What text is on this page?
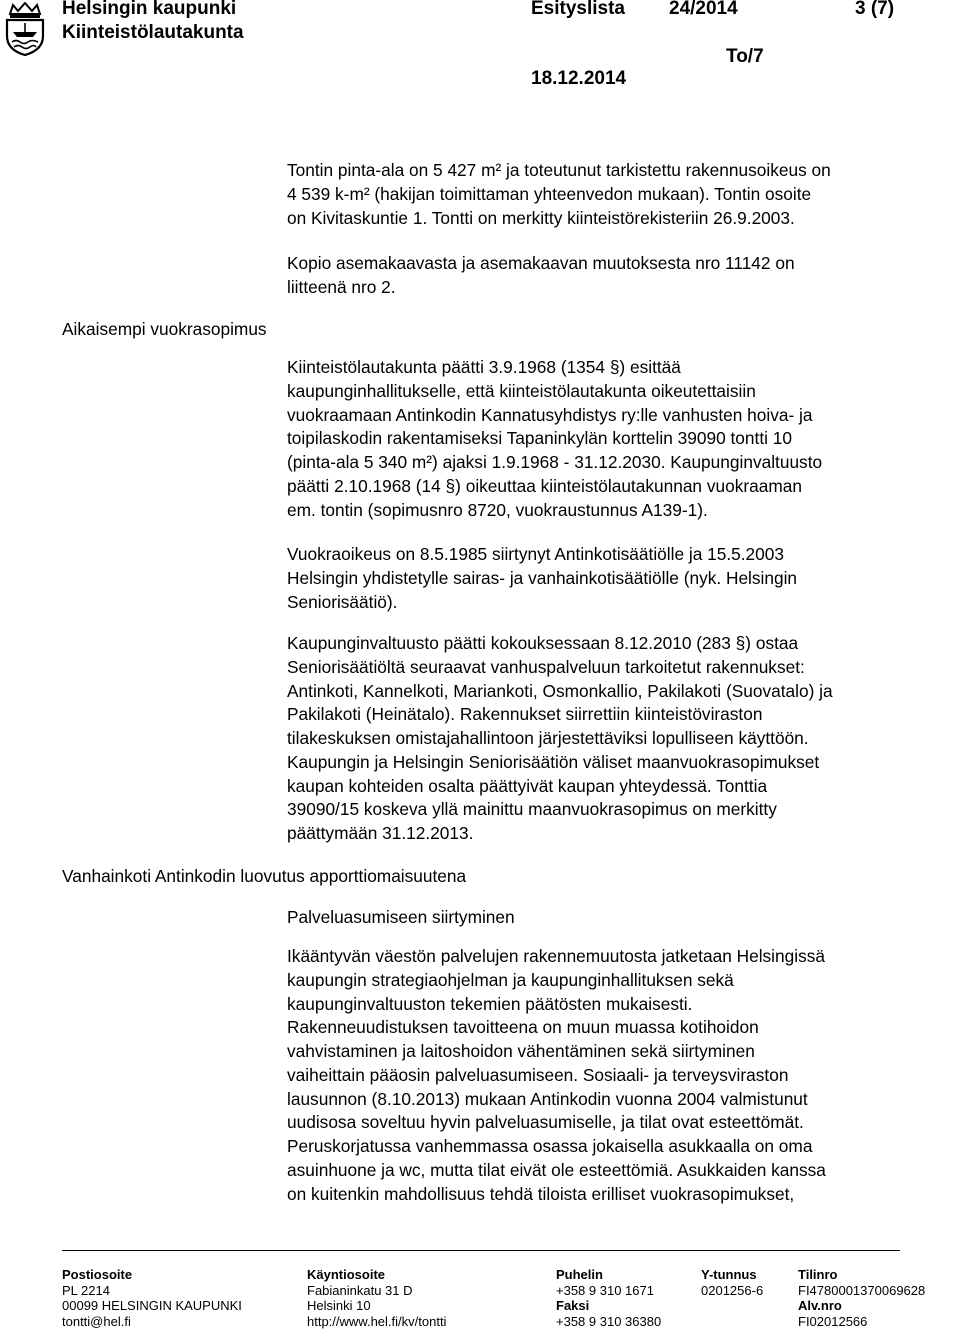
Helsingin kaupunki
Kiinteistölautakunta
Esityslista 24/2014	3 (7)
To/7
18.12.2014
Aikaisempi vuokrasopimus
Vanhainkoti Antinkodin luovutus apporttiomaisuutena
Tontin pinta-ala on 5 427 m² ja toteutunut tarkistettu rakennusoikeus on
4 539 k-m² (hakijan toimittaman yhteenvedon mukaan). Tontin osoite
on Kivitaskuntie 1. Tontti on merkitty kiinteistörekisteriin 26.9.2003.
Kopio asemakaavasta ja asemakaavan muutoksesta nro 11142 on
liitteenä nro 2.
Kiinteistölautakunta päätti 3.9.1968 (1354 §) esittää
kaupunginhallitukselle, että kiinteistölautakunta oikeutettaisiin
vuokraamaan Antinkodin Kannatusyhdistys ry:lle vanhusten hoiva- ja
toipilaskodin rakentamiseksi Tapaninkylän korttelin 39090 tontti 10
(pinta-ala 5 340 m²) ajaksi 1.9.1968 - 31.12.2030. Kaupunginvaltuusto
päätti 2.10.1968 (14 §) oikeuttaa kiinteistölautakunnan vuokraaman
em. tontin (sopimusnro 8720, vuokraustunnus A139-1).
Vuokraoikeus on 8.5.1985 siirtynyt Antinkotisäätiölle ja 15.5.2003
Helsingin yhdistetylle sairas- ja vanhainkotisäätiölle (nyk. Helsingin
Seniorisäätiö).
Kaupunginvaltuusto päätti kokouksessaan 8.12.2010 (283 §) ostaa
Seniorisäätiöltä seuraavat vanhuspalveluun tarkoitetut rakennukset:
Antinkoti, Kannelkoti, Mariankoti, Osmonkallio, Pakilakoti (Suovatalo) ja
Pakilakoti (Heinätalo). Rakennukset siirrettiin kiinteistöviraston
tilakeskuksen omistajahallintoon järjestettäviksi lopulliseen käyttöön.
Kaupungin ja Helsingin Seniorisäätiön väliset maanvuokrasopimukset
kaupan kohteiden osalta päättyivät kaupan yhteydessä. Tonttia
39090/15 koskeva yllä mainittu maanvuokrasopimus on merkitty
päättymään 31.12.2013.
Palveluasumiseen siirtyminen
Ikääntyvän väestön palvelujen rakennemuutosta jatketaan Helsingissä
kaupungin strategiaohjelman ja kaupunginhallituksen sekä
kaupunginvaltuuston tekemien päätösten mukaisesti.
Rakenneuudistuksen tavoitteena on muun muassa kotihoidon
vahvistaminen ja laitoshoidon vähentäminen sekä siirtyminen
vaiheittain pääosin palveluasumiseen. Sosiaali- ja terveysviraston
lausunnon (8.10.2013) mukaan Antinkodin vuonna 2004 valmistunut
uudisosa soveltuu hyvin palveluasumiselle, ja tilat ovat esteettömät.
Peruskorjatussa vanhemmassa osassa jokaisella asukkaalla on oma
asuinhuone ja wc, mutta tilat eivät ole esteettömiä. Asukkaiden kanssa
on kuitenkin mahdollisuus tehdä tiloista erilliset vuokrasopimukset,
Postiosoite
PL 2214
00099 HELSINGIN KAUPUNKI
tontti@hel.fi
Käyntiosoite
Fabianinkatu 31 D
Helsinki 10
http://www.hel.fi/kv/tontti
Puhelin
+358 9 310 1671
Faksi
+358 9 310 36380
Y-tunnus
0201256-6
Tilinro
FI4780001370069628
Alv.nro
FI02012566
